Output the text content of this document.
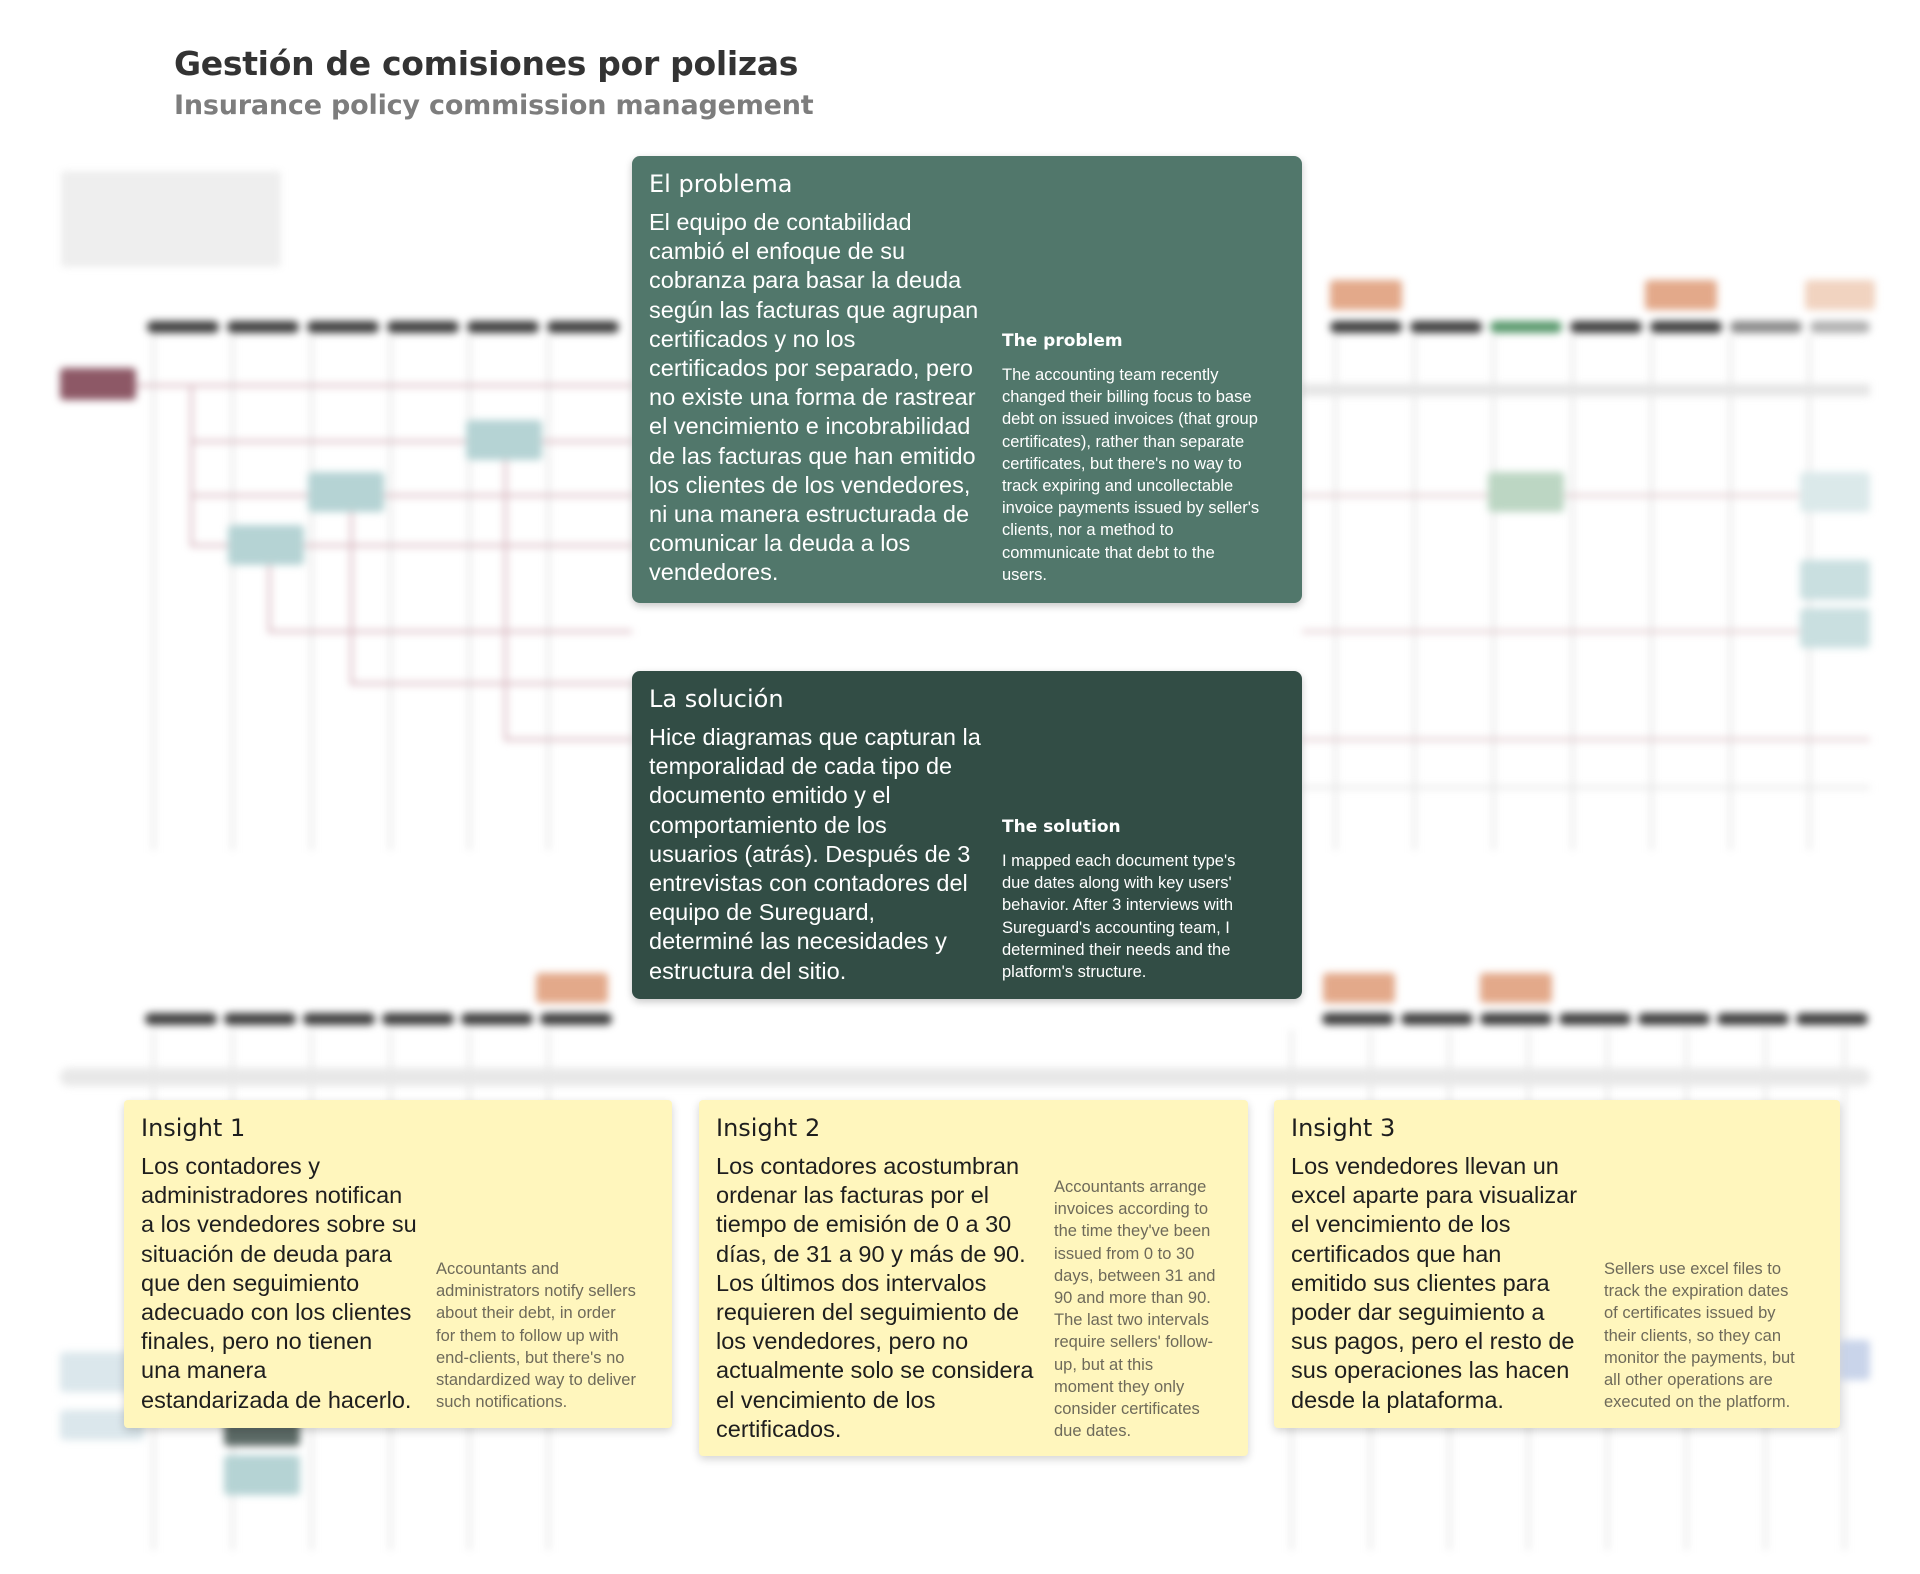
Gestión de comisiones por polizas
Insurance policy commission management
El problema
El equipo de contabilidad
cambió el enfoque de su
cobranza para basar la deuda
según las facturas que agrupan
certificados y no los
certificados por separado, pero
no existe una forma de rastrear
el vencimiento e incobrabilidad
de las facturas que han emitido
los clientes de los vendedores,
ni una manera estructurada de
comunicar la deuda a los
vendedores.
The problem
The accounting team recently
changed their billing focus to base
debt on issued invoices (that group
certificates), rather than separate
certificates, but there's no way to
track expiring and uncollectable
invoice payments issued by seller's
clients, nor a method to
communicate that debt to the
users.
La solución
Hice diagramas que capturan la
temporalidad de cada tipo de
documento emitido y el
comportamiento de los
usuarios (atrás). Después de 3
entrevistas con contadores del
equipo de Sureguard,
determiné las necesidades y
estructura del sitio.
The solution
I mapped each document type's
due dates along with key users'
behavior. After 3 interviews with
Sureguard's accounting team, I
determined their needs and the
platform's structure.
Insight 1
Los contadores y
administradores notifican
a los vendedores sobre su
situación de deuda para
que den seguimiento
adecuado con los clientes
finales, pero no tienen
una manera
estandarizada de hacerlo.
Accountants and
administrators notify sellers
about their debt, in order
for them to follow up with
end-clients, but there's no
standardized way to deliver
such notifications.
Insight 2
Los contadores acostumbran
ordenar las facturas por el
tiempo de emisión de 0 a 30
días, de 31 a 90 y más de 90.
Los últimos dos intervalos
requieren del seguimiento de
los vendedores, pero no
actualmente solo se considera
el vencimiento de los
certificados.
Accountants arrange
invoices according to
the time they've been
issued from 0 to 30
days, between 31 and
90 and more than 90.
The last two intervals
require sellers' follow-
up, but at this
moment they only
consider certificates
due dates.
Insight 3
Los vendedores llevan un
excel aparte para visualizar
el vencimiento de los
certificados que han
emitido sus clientes para
poder dar seguimiento a
sus pagos, pero el resto de
sus operaciones las hacen
desde la plataforma.
Sellers use excel files to
track the expiration dates
of certificates issued by
their clients, so they can
monitor the payments, but
all other operations are
executed on the platform.
